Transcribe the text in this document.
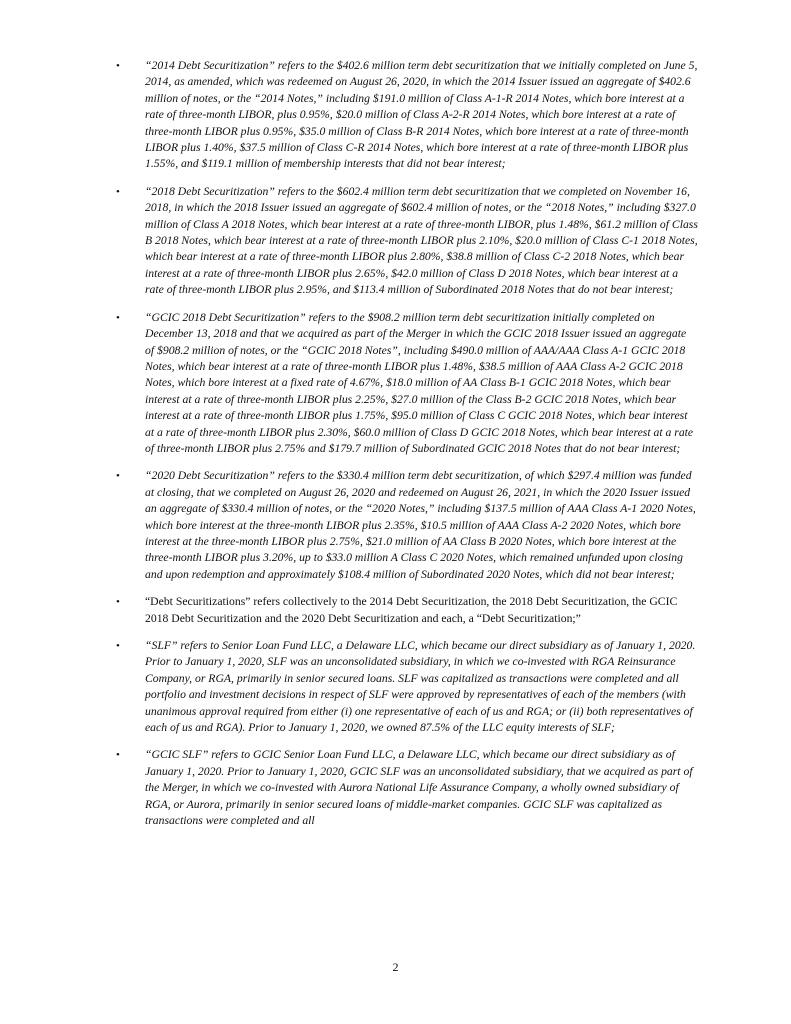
• “2014 Debt Securitization” refers to the $402.6 million term debt securitization that we initially completed on June 5, 2014, as amended, which was redeemed on August 26, 2020, in which the 2014 Issuer issued an aggregate of $402.6 million of notes, or the “2014 Notes,” including $191.0 million of Class A-1-R 2014 Notes, which bore interest at a rate of three-month LIBOR, plus 0.95%, $20.0 million of Class A-2-R 2014 Notes, which bore interest at a rate of three-month LIBOR plus 0.95%, $35.0 million of Class B-R 2014 Notes, which bore interest at a rate of three-month LIBOR plus 1.40%, $37.5 million of Class C-R 2014 Notes, which bore interest at a rate of three-month LIBOR plus 1.55%, and $119.1 million of membership interests that did not bear interest;
• “2018 Debt Securitization” refers to the $602.4 million term debt securitization that we completed on November 16, 2018, in which the 2018 Issuer issued an aggregate of $602.4 million of notes, or the “2018 Notes,” including $327.0 million of Class A 2018 Notes, which bear interest at a rate of three-month LIBOR, plus 1.48%, $61.2 million of Class B 2018 Notes, which bear interest at a rate of three-month LIBOR plus 2.10%, $20.0 million of Class C-1 2018 Notes, which bear interest at a rate of three-month LIBOR plus 2.80%, $38.8 million of Class C-2 2018 Notes, which bear interest at a rate of three-month LIBOR plus 2.65%, $42.0 million of Class D 2018 Notes, which bear interest at a rate of three-month LIBOR plus 2.95%, and $113.4 million of Subordinated 2018 Notes that do not bear interest;
• “GCIC 2018 Debt Securitization” refers to the $908.2 million term debt securitization initially completed on December 13, 2018 and that we acquired as part of the Merger in which the GCIC 2018 Issuer issued an aggregate of $908.2 million of notes, or the “GCIC 2018 Notes”, including $490.0 million of AAA/AAA Class A-1 GCIC 2018 Notes, which bear interest at a rate of three-month LIBOR plus 1.48%, $38.5 million of AAA Class A-2 GCIC 2018 Notes, which bore interest at a fixed rate of 4.67%, $18.0 million of AA Class B-1 GCIC 2018 Notes, which bear interest at a rate of three-month LIBOR plus 2.25%, $27.0 million of the Class B-2 GCIC 2018 Notes, which bear interest at a rate of three-month LIBOR plus 1.75%, $95.0 million of Class C GCIC 2018 Notes, which bear interest at a rate of three-month LIBOR plus 2.30%, $60.0 million of Class D GCIC 2018 Notes, which bear interest at a rate of three-month LIBOR plus 2.75% and $179.7 million of Subordinated GCIC 2018 Notes that do not bear interest;
• “2020 Debt Securitization” refers to the $330.4 million term debt securitization, of which $297.4 million was funded at closing, that we completed on August 26, 2020 and redeemed on August 26, 2021, in which the 2020 Issuer issued an aggregate of $330.4 million of notes, or the “2020 Notes,” including $137.5 million of AAA Class A-1 2020 Notes, which bore interest at the three-month LIBOR plus 2.35%, $10.5 million of AAA Class A-2 2020 Notes, which bore interest at the three-month LIBOR plus 2.75%, $21.0 million of AA Class B 2020 Notes, which bore interest at the three-month LIBOR plus 3.20%, up to $33.0 million A Class C 2020 Notes, which remained unfunded upon closing and upon redemption and approximately $108.4 million of Subordinated 2020 Notes, which did not bear interest;
• “Debt Securitizations” refers collectively to the 2014 Debt Securitization, the 2018 Debt Securitization, the GCIC 2018 Debt Securitization and the 2020 Debt Securitization and each, a “Debt Securitization;”
• “SLF” refers to Senior Loan Fund LLC, a Delaware LLC, which became our direct subsidiary as of January 1, 2020. Prior to January 1, 2020, SLF was an unconsolidated subsidiary, in which we co-invested with RGA Reinsurance Company, or RGA, primarily in senior secured loans. SLF was capitalized as transactions were completed and all portfolio and investment decisions in respect of SLF were approved by representatives of each of the members (with unanimous approval required from either (i) one representative of each of us and RGA; or (ii) both representatives of each of us and RGA). Prior to January 1, 2020, we owned 87.5% of the LLC equity interests of SLF;
• “GCIC SLF” refers to GCIC Senior Loan Fund LLC, a Delaware LLC, which became our direct subsidiary as of January 1, 2020. Prior to January 1, 2020, GCIC SLF was an unconsolidated subsidiary, that we acquired as part of the Merger, in which we co-invested with Aurora National Life Assurance Company, a wholly owned subsidiary of RGA, or Aurora, primarily in senior secured loans of middle-market companies. GCIC SLF was capitalized as transactions were completed and all
2
